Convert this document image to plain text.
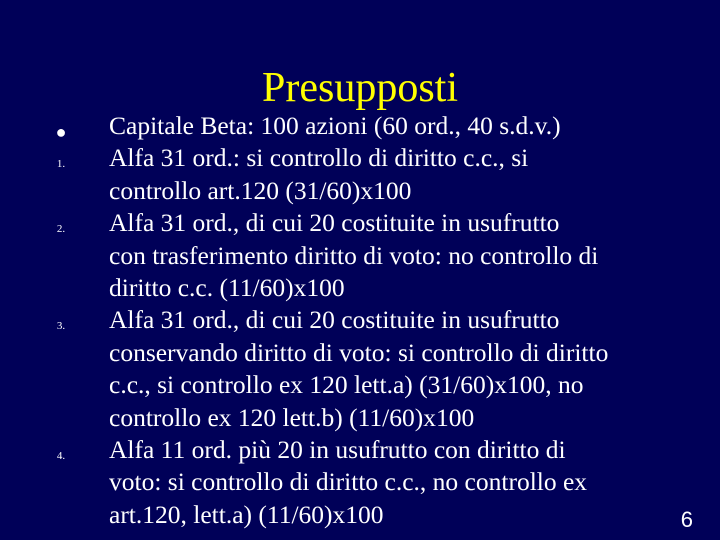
Presupposti
●	Capitale Beta: 100 azioni (60 ord., 40 s.d.v.)
1.	Alfa 31 ord.: si controllo di diritto c.c., si
controllo art.120 (31/60)x100
2.	Alfa 31 ord., di cui 20 costituite in usufrutto
con trasferimento diritto di voto: no controllo di
diritto c.c. (11/60)x100
3.	Alfa 31 ord., di cui 20 costituite in usufrutto
conservando diritto di voto: si controllo di diritto
c.c., si controllo ex 120 lett.a) (31/60)x100, no
controllo ex 120 lett.b) (11/60)x100
4.	Alfa 11 ord. più 20 in usufrutto con diritto di
voto: si controllo di diritto c.c., no controllo ex
art.120, lett.a) (11/60)x100	6
